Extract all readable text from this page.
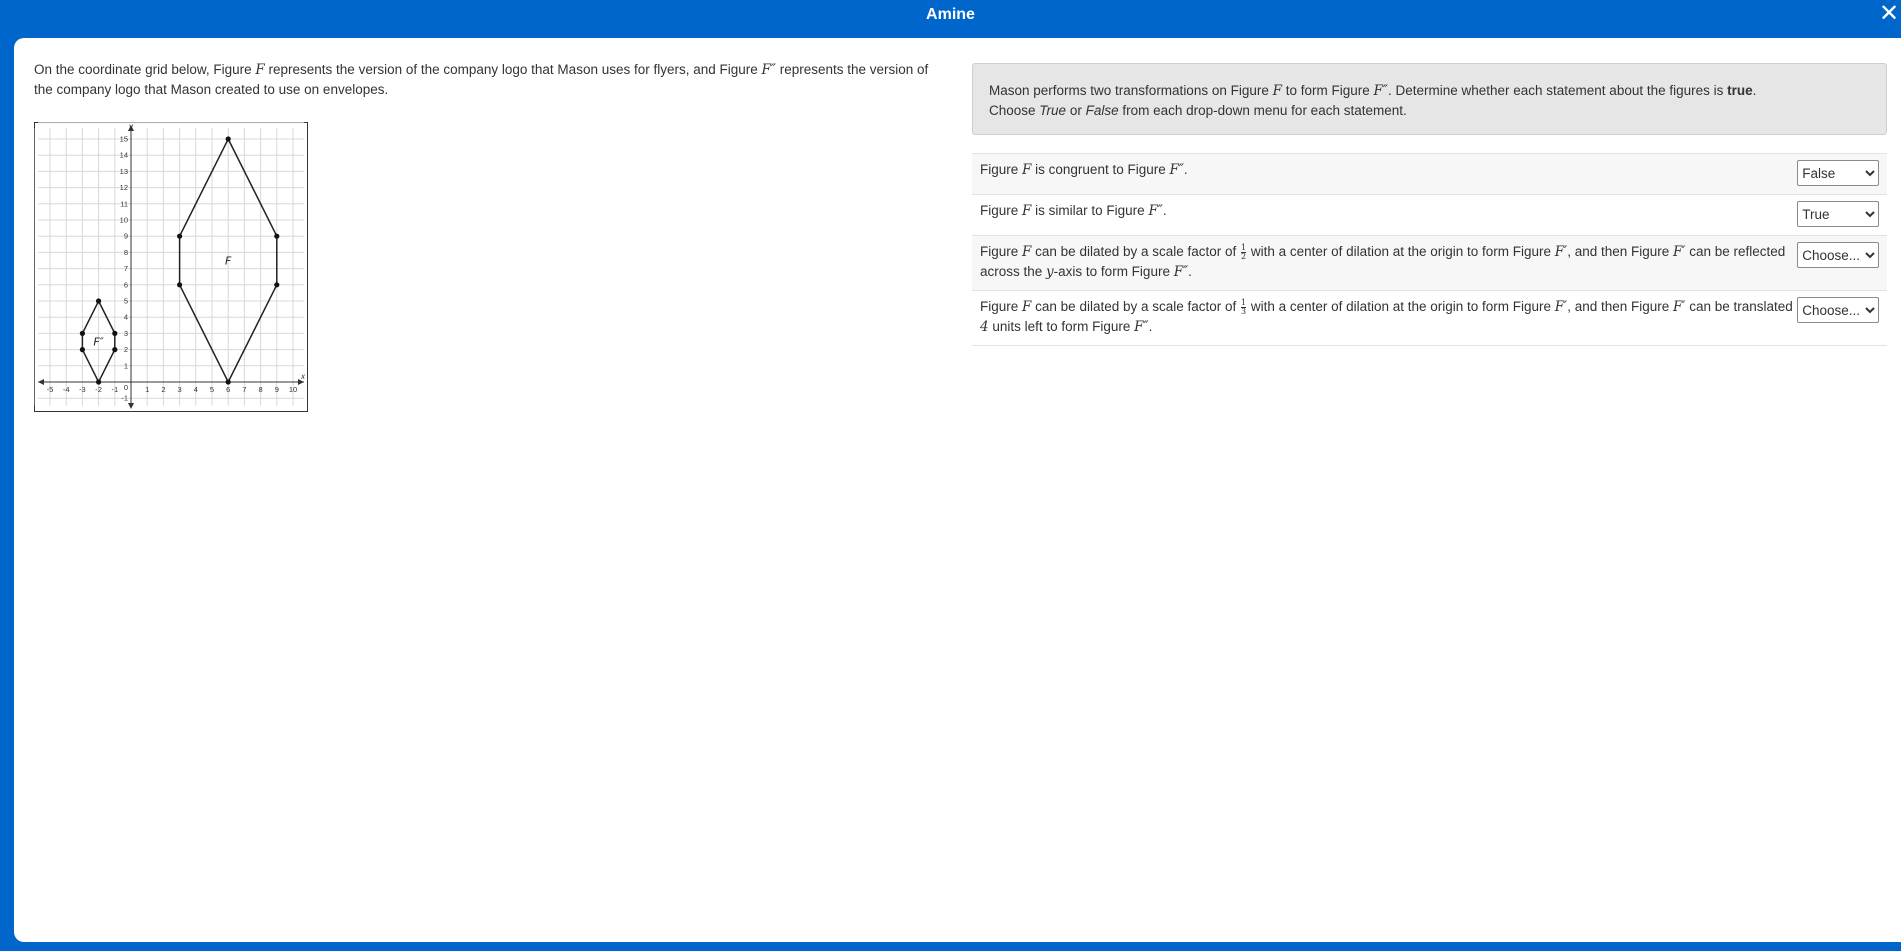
Amine	✕

On the coordinate grid below, Figure F represents the version of the company logo that Mason uses for flyers, and Figure F″ represents the version of the company logo that Mason created to use on envelopes.

-5 -4 -3 -2 -1	1 2 3 4 5 6 7 8 9 10
-1
1
2
3
4
5
6
7
8
9
10
11
12
13
14
15
0
x
y
F
F″
Mason performs two transformations on Figure F to form Figure F″. Determine whether each statement about the figures is true.
Choose True or False from each drop-down menu for each statement.
Figure F is congruent to Figure F″.
False
Figure F is similar to Figure F″.
True
Figure F can be dilated by a scale factor of $\frac{1}{2}$ with a center of dilation at the origin to form Figure F′, and then Figure F′ can be reflected across the y-axis to form Figure F″.
Choose...
Figure F can be dilated by a scale factor of $\frac{1}{3}$ with a center of dilation at the origin to form Figure F′, and then Figure F′ can be translated 4 units left to form Figure F″.
Choose...
